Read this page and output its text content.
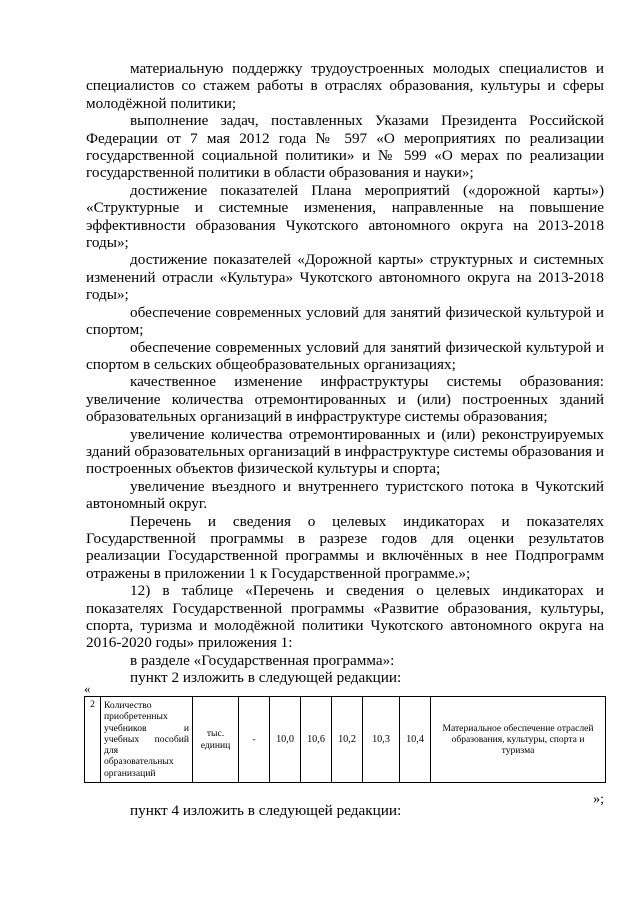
материальную поддержку трудоустроенных молодых специалистов и специалистов со стажем работы в отраслях образования, культуры и сферы молодёжной политики;

выполнение задач, поставленных Указами Президента Российской Федерации от 7 мая 2012 года № 597 «О мероприятиях по реализации государственной социальной политики» и № 599 «О мерах по реализации государственной политики в области образования и науки»;

достижение показателей Плана мероприятий («дорожной карты») «Структурные и системные изменения, направленные на повышение эффективности образования Чукотского автономного округа на 2013-2018 годы»;

достижение показателей «Дорожной карты» структурных и системных изменений отрасли «Культура» Чукотского автономного округа на 2013-2018 годы»;

обеспечение современных условий для занятий физической культурой и спортом;

обеспечение современных условий для занятий физической культурой и спортом в сельских общеобразовательных организациях;

качественное изменение инфраструктуры системы образования: увеличение количества отремонтированных и (или) построенных зданий образовательных организаций в инфраструктуре системы образования;

увеличение количества отремонтированных и (или) реконструируемых зданий образовательных организаций в инфраструктуре системы образования и построенных объектов физической культуры и спорта;

увеличение въездного и внутреннего туристского потока в Чукотский автономный округ.

Перечень и сведения о целевых индикаторах и показателях Государственной программы в разрезе годов для оценки результатов реализации Государственной программы и включённых в нее Подпрограмм отражены в приложении 1 к Государственной программе.»;

12) в таблице «Перечень и сведения о целевых индикаторах и показателях Государственной программы «Развитие образования, культуры, спорта, туризма и молодёжной политики Чукотского автономного округа на 2016-2020 годы» приложения 1:

в разделе «Государственная программа»:

пункт 2 изложить в следующей редакции:

«
2	Количество приобретенных учебников и учебных пособий для образовательных организаций	тыс. единиц	-	10,0	10,6	10,2	10,3	10,4	Материальное обеспечение отраслей образования, культуры, спорта и туризма
»;
пункт 4 изложить в следующей редакции:
